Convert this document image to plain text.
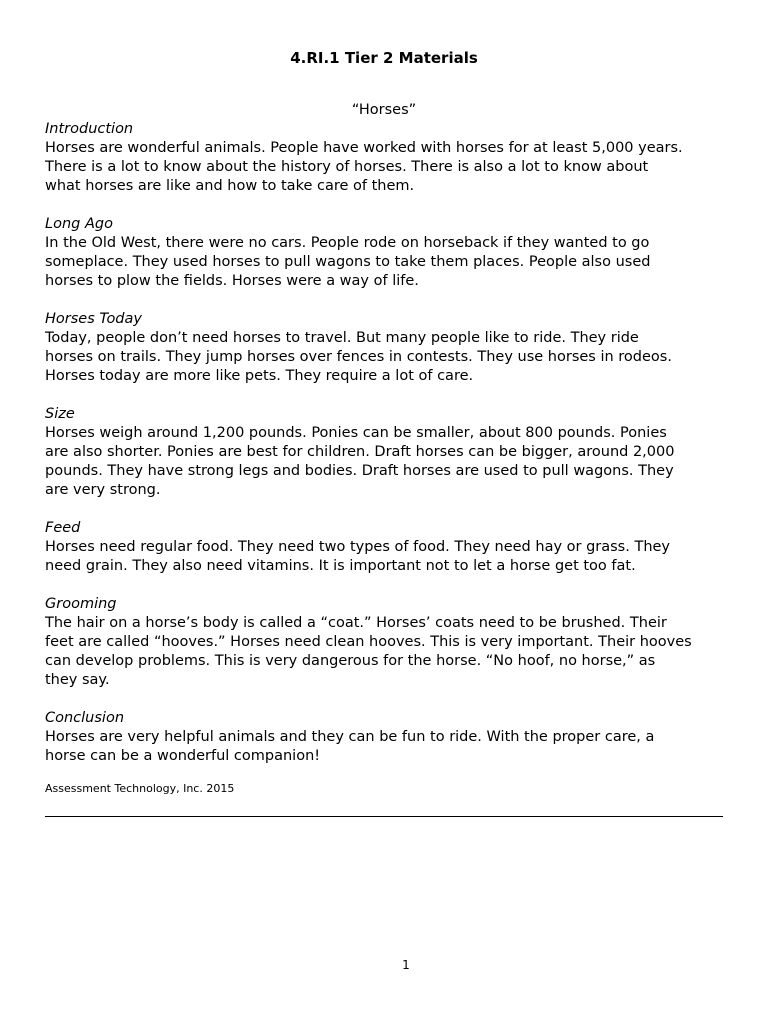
4.RI.1 Tier 2 Materials
“Horses”
Introduction
Horses are wonderful animals. People have worked with horses for at least 5,000 years.
There is a lot to know about the history of horses. There is also a lot to know about
what horses are like and how to take care of them.
Long Ago
In the Old West, there were no cars. People rode on horseback if they wanted to go
someplace. They used horses to pull wagons to take them places. People also used
horses to plow the fields. Horses were a way of life.
Horses Today
Today, people don’t need horses to travel. But many people like to ride. They ride
horses on trails. They jump horses over fences in contests. They use horses in rodeos.
Horses today are more like pets. They require a lot of care.
Size
Horses weigh around 1,200 pounds. Ponies can be smaller, about 800 pounds. Ponies
are also shorter. Ponies are best for children. Draft horses can be bigger, around 2,000
pounds. They have strong legs and bodies. Draft horses are used to pull wagons. They
are very strong.
Feed
Horses need regular food. They need two types of food. They need hay or grass. They
need grain. They also need vitamins. It is important not to let a horse get too fat.
Grooming
The hair on a horse’s body is called a “coat.” Horses’ coats need to be brushed. Their
feet are called “hooves.” Horses need clean hooves. This is very important. Their hooves
can develop problems. This is very dangerous for the horse. “No hoof, no horse,” as
they say.
Conclusion
Horses are very helpful animals and they can be fun to ride. With the proper care, a
horse can be a wonderful companion!
Assessment Technology, Inc. 2015
1
